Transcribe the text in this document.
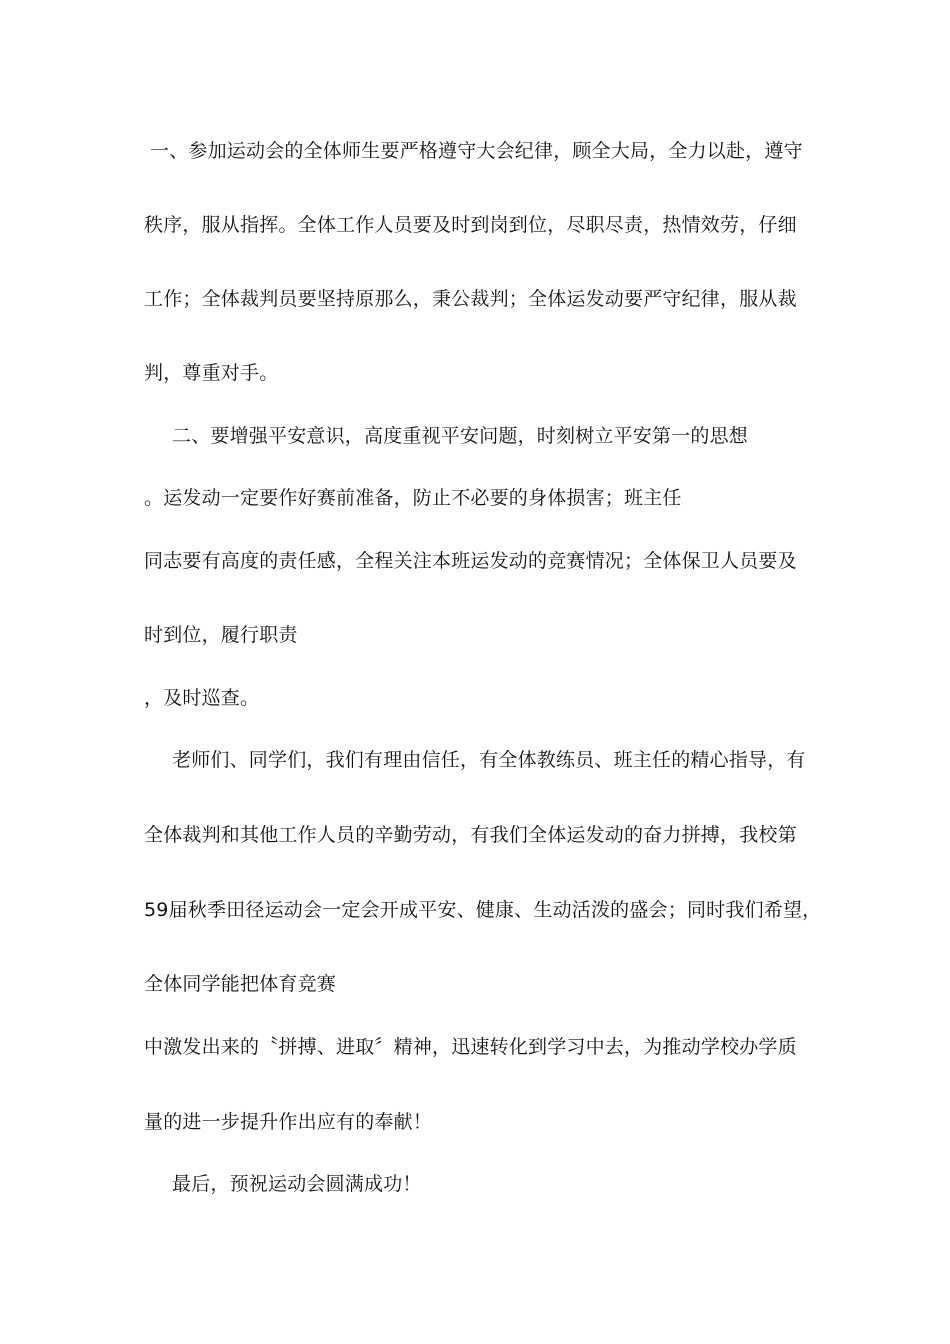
一、参加运动会的全体师生要严格遵守大会纪律，顾全大局，全力以赴，遵守
秩序，服从指挥。全体工作人员要及时到岗到位，尽职尽责，热情效劳，仔细
工作；全体裁判员要坚持原那么，秉公裁判；全体运发动要严守纪律，服从裁
判，尊重对手。
二、要增强平安意识，高度重视平安问题，时刻树立平安第一的思想
。运发动一定要作好赛前准备，防止不必要的身体损害；班主任
同志要有高度的责任感，全程关注本班运发动的竞赛情况；全体保卫人员要及
时到位，履行职责
，及时巡查。
老师们、同学们，我们有理由信任，有全体教练员、班主任的精心指导，有
全体裁判和其他工作人员的辛勤劳动，有我们全体运发动的奋力拼搏，我校第
59届秋季田径运动会一定会开成平安、健康、生动活泼的盛会；同时我们希望，
全体同学能把体育竞赛
中激发出来的〝拼搏、进取〞精神，迅速转化到学习中去，为推动学校办学质
量的进一步提升作出应有的奉献！
最后，预祝运动会圆满成功！
